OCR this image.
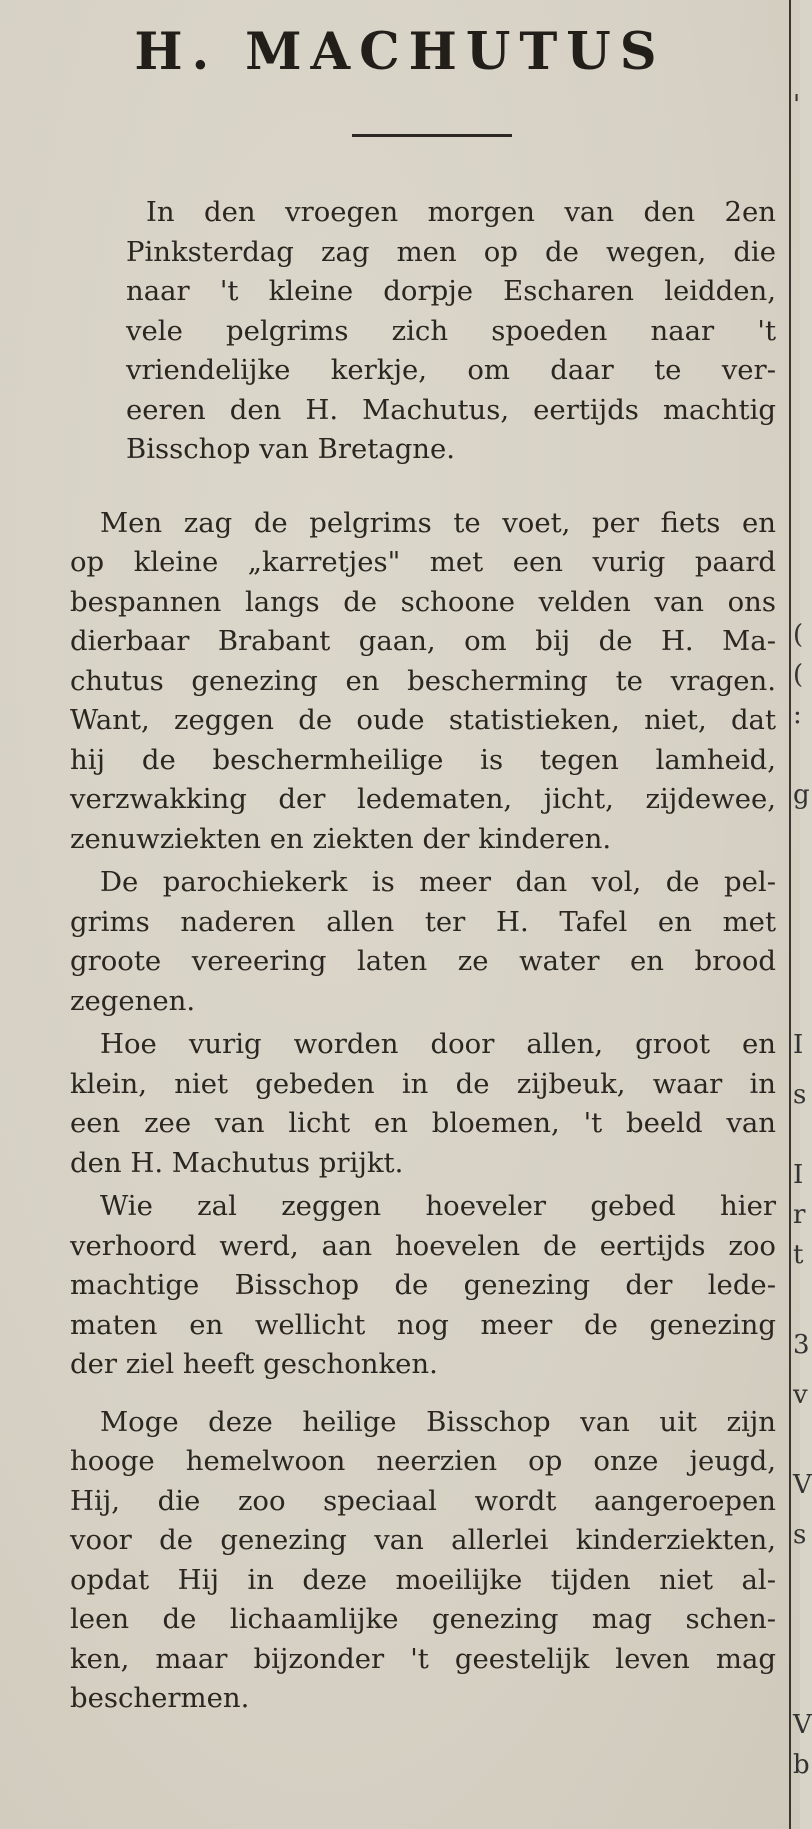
H. MACHUTUS
In den vroegen morgen van den 2en
Pinksterdag zag men op de wegen, die
naar 't kleine dorpje Escharen leidden,
vele pelgrims zich spoeden naar 't
vriendelijke kerkje, om daar te ver-
eeren den H. Machutus, eertijds machtig
Bisschop van Bretagne.
Men zag de pelgrims te voet, per fiets en
op kleine „karretjes" met een vurig paard
bespannen langs de schoone velden van ons
dierbaar Brabant gaan, om bij de H. Ma-
chutus genezing en bescherming te vragen.
Want, zeggen de oude statistieken, niet, dat
hij de beschermheilige is tegen lamheid,
verzwakking der ledematen, jicht, zijdewee,
zenuwziekten en ziekten der kinderen.
De parochiekerk is meer dan vol, de pel-
grims naderen allen ter H. Tafel en met
groote vereering laten ze water en brood
zegenen.
Hoe vurig worden door allen, groot en
klein, niet gebeden in de zijbeuk, waar in
een zee van licht en bloemen, 't beeld van
den H. Machutus prijkt.
Wie zal zeggen hoeveler gebed hier
verhoord werd, aan hoevelen de eertijds zoo
machtige Bisschop de genezing der lede-
maten en wellicht nog meer de genezing
der ziel heeft geschonken.
Moge deze heilige Bisschop van uit zijn
hooge hemelwoon neerzien op onze jeugd,
Hij, die zoo speciaal wordt aangeroepen
voor de genezing van allerlei kinderziekten,
opdat Hij in deze moeilijke tijden niet al-
leen de lichaamlijke genezing mag schen-
ken, maar bijzonder 't geestelijk leven mag
beschermen.
'
(
(
:
g
I
s
I
r
t
3
v
V
s
V
b
